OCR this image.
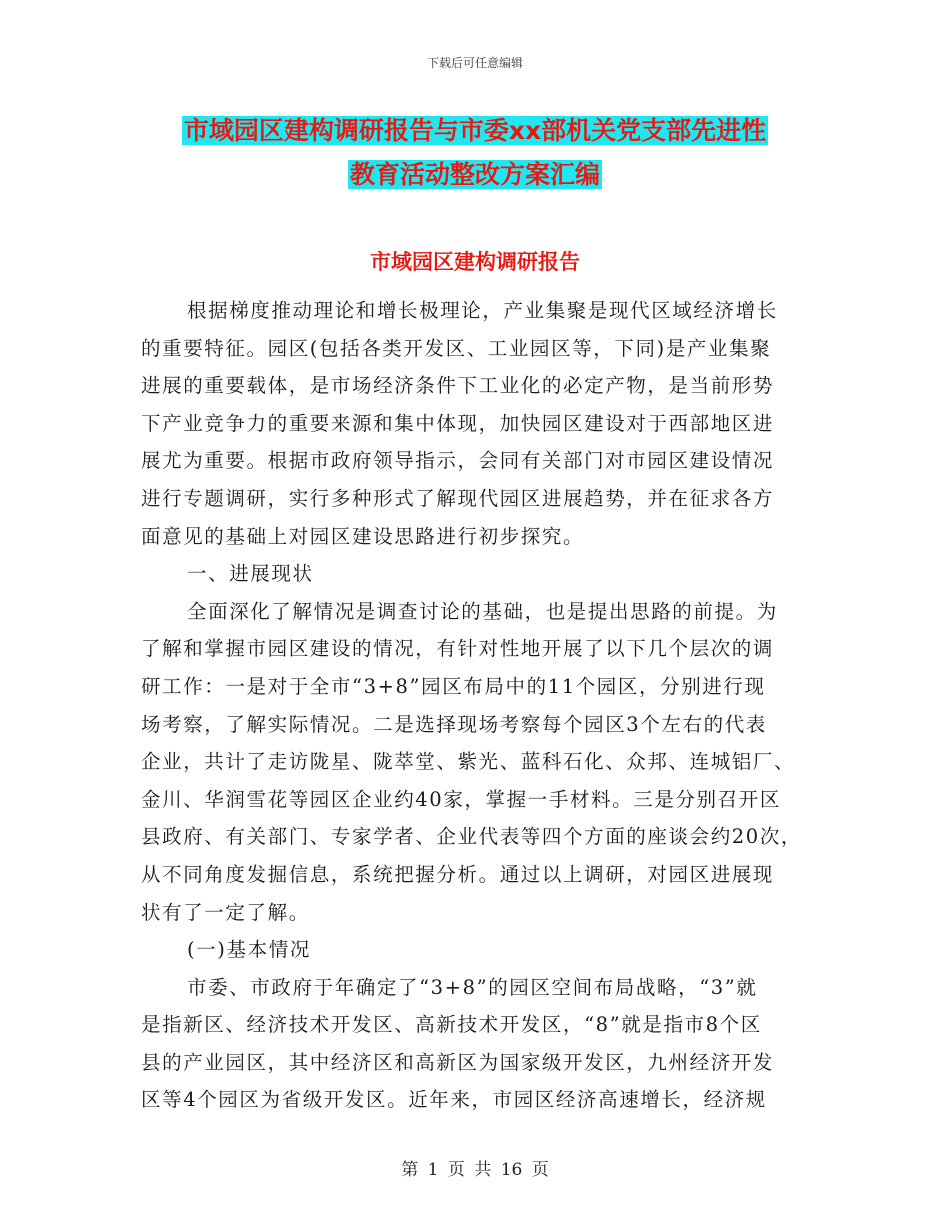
下载后可任意编辑
市域园区建构调研报告与市委xx部机关党支部先进性
教育活动整改方案汇编
市域园区建构调研报告
根据梯度推动理论和增长极理论，产业集聚是现代区域经济增长
的重要特征。园区(包括各类开发区、工业园区等，下同)是产业集聚
进展的重要载体，是市场经济条件下工业化的必定产物，是当前形势
下产业竞争力的重要来源和集中体现，加快园区建设对于西部地区进
展尤为重要。根据市政府领导指示，会同有关部门对市园区建设情况
进行专题调研，实行多种形式了解现代园区进展趋势，并在征求各方
面意见的基础上对园区建设思路进行初步探究。
一、进展现状
全面深化了解情况是调查讨论的基础，也是提出思路的前提。为
了解和掌握市园区建设的情况，有针对性地开展了以下几个层次的调
研工作：一是对于全市“3+8”园区布局中的11个园区，分别进行现
场考察，了解实际情况。二是选择现场考察每个园区3个左右的代表
企业，共计了走访陇星、陇萃堂、紫光、蓝科石化、众邦、连城铝厂、
金川、华润雪花等园区企业约40家，掌握一手材料。三是分别召开区
县政府、有关部门、专家学者、企业代表等四个方面的座谈会约20次，
从不同角度发掘信息，系统把握分析。通过以上调研，对园区进展现
状有了一定了解。
(一)基本情况
市委、市政府于年确定了“3+8”的园区空间布局战略，“3”就
是指新区、经济技术开发区、高新技术开发区，“8”就是指市8个区
县的产业园区，其中经济区和高新区为国家级开发区，九州经济开发
区等4个园区为省级开发区。近年来，市园区经济高速增长，经济规
第 1 页 共 16 页
